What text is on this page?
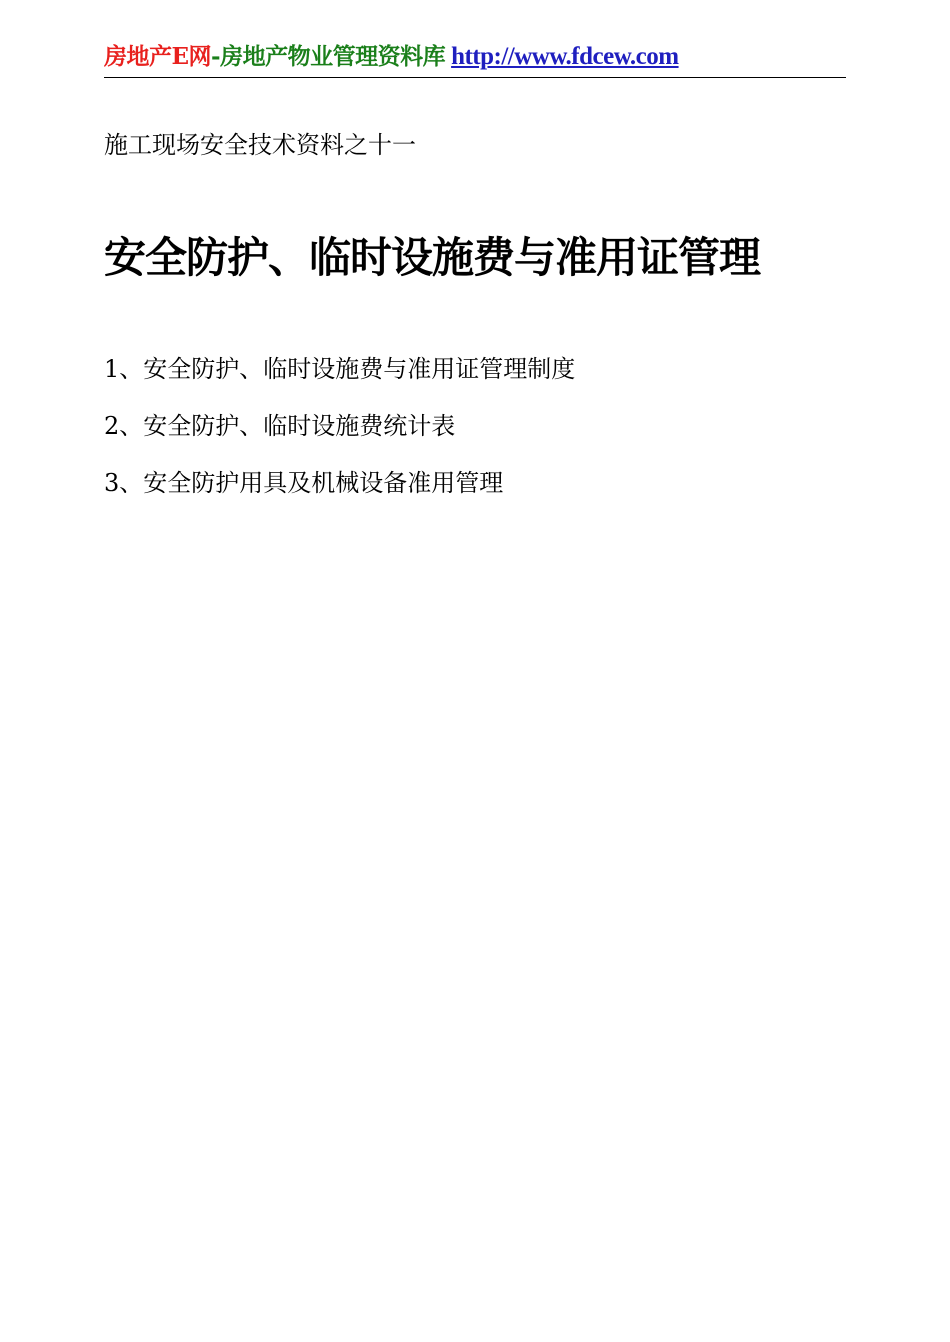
房地产E网-房地产物业管理资料库 http://www.fdcew.com
施工现场安全技术资料之十一
安全防护、临时设施费与准用证管理
1、安全防护、临时设施费与准用证管理制度
2、安全防护、临时设施费统计表
3、安全防护用具及机械设备准用管理
